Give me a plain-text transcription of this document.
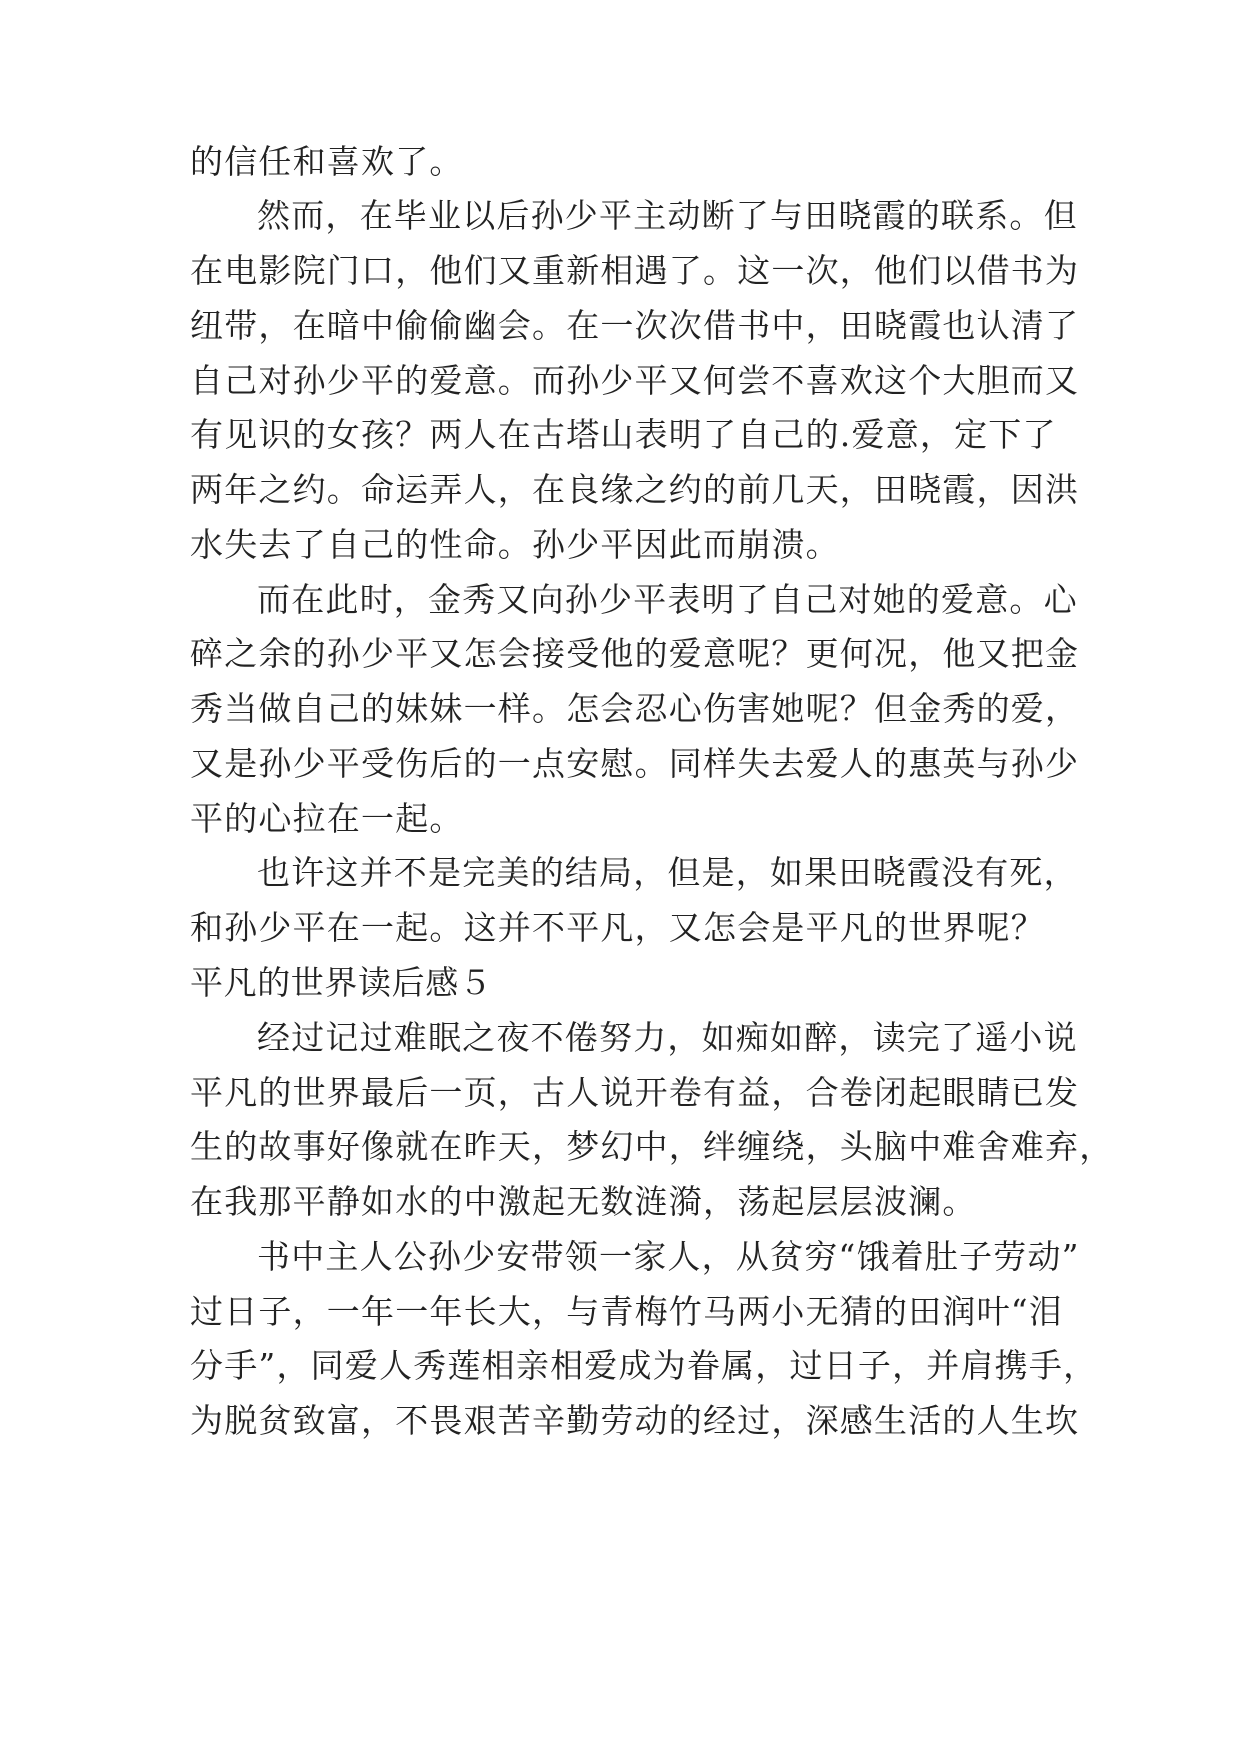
的信任和喜欢了。
然而，在毕业以后孙少平主动断了与田晓霞的联系。但
在电影院门口，他们又重新相遇了。这一次，他们以借书为
纽带，在暗中偷偷幽会。在一次次借书中，田晓霞也认清了
自己对孙少平的爱意。而孙少平又何尝不喜欢这个大胆而又
有见识的女孩？两人在古塔山表明了自己的.爱意，定下了
两年之约。命运弄人，在良缘之约的前几天，田晓霞，因洪
水失去了自己的性命。孙少平因此而崩溃。
而在此时，金秀又向孙少平表明了自己对她的爱意。心
碎之余的孙少平又怎会接受他的爱意呢？更何况，他又把金
秀当做自己的妹妹一样。怎会忍心伤害她呢？但金秀的爱，
又是孙少平受伤后的一点安慰。同样失去爱人的惠英与孙少
平的心拉在一起。
也许这并不是完美的结局，但是，如果田晓霞没有死，
和孙少平在一起。这并不平凡，又怎会是平凡的世界呢？
平凡的世界读后感５
经过记过难眠之夜不倦努力，如痴如醉，读完了遥小说
平凡的世界最后一页，古人说开卷有益，合卷闭起眼睛已发
生的故事好像就在昨天，梦幻中，绊缠绕，头脑中难舍难弃，
在我那平静如水的中激起无数涟漪，荡起层层波澜。
书中主人公孙少安带领一家人，从贫穷“饿着肚子劳动”
过日子，一年一年长大，与青梅竹马两小无猜的田润叶“泪
分手”，同爱人秀莲相亲相爱成为眷属，过日子，并肩携手，
为脱贫致富，不畏艰苦辛勤劳动的经过，深感生活的人生坎
